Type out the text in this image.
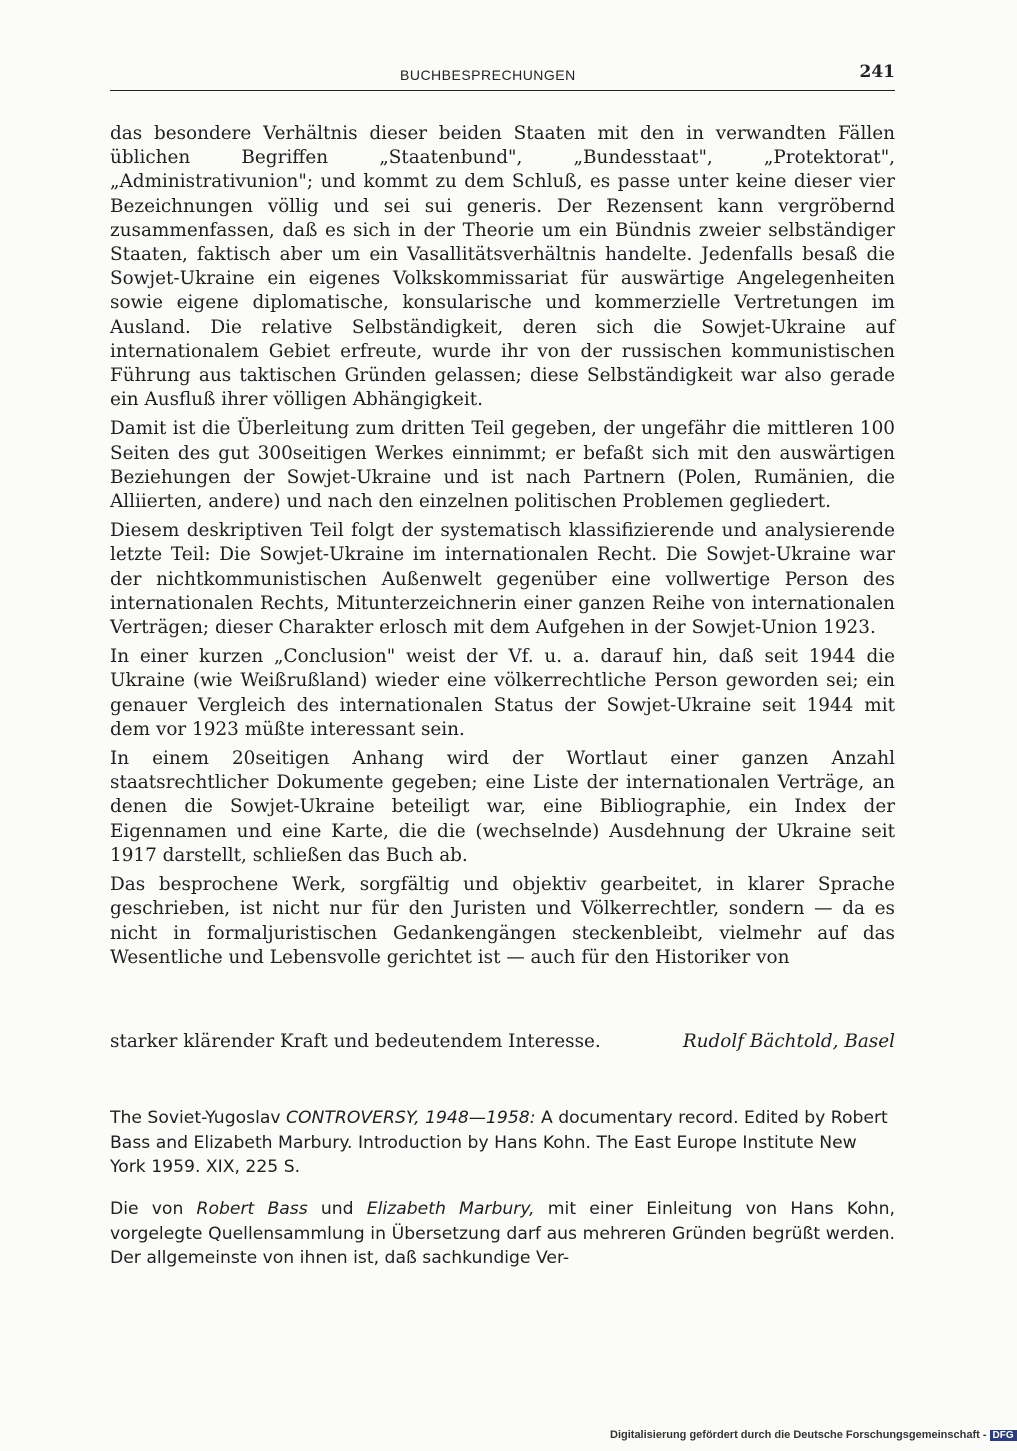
BUCHBESPRECHUNGEN	241

das besondere Verhältnis dieser beiden Staaten mit den in verwandten Fällen üblichen Begriffen „Staatenbund", „Bundesstaat", „Protektorat", „Administrativunion"; und kommt zu dem Schluß, es passe unter keine dieser vier Bezeichnungen völlig und sei sui generis. Der Rezensent kann vergröbernd zusammenfassen, daß es sich in der Theorie um ein Bündnis zweier selbständiger Staaten, faktisch aber um ein Vasallitätsverhältnis handelte. Jedenfalls besaß die Sowjet-Ukraine ein eigenes Volkskommissariat für auswärtige Angelegenheiten sowie eigene diplomatische, konsularische und kommerzielle Vertretungen im Ausland. Die relative Selbständigkeit, deren sich die Sowjet-Ukraine auf internationalem Gebiet erfreute, wurde ihr von der russischen kommunistischen Führung aus taktischen Gründen gelassen; diese Selbständigkeit war also gerade ein Ausfluß ihrer völligen Abhängigkeit.

Damit ist die Überleitung zum dritten Teil gegeben, der ungefähr die mittleren 100 Seiten des gut 300seitigen Werkes einnimmt; er befaßt sich mit den auswärtigen Beziehungen der Sowjet-Ukraine und ist nach Partnern (Polen, Rumänien, die Alliierten, andere) und nach den einzelnen politischen Problemen gegliedert.

Diesem deskriptiven Teil folgt der systematisch klassifizierende und analysierende letzte Teil: Die Sowjet-Ukraine im internationalen Recht. Die Sowjet-Ukraine war der nichtkommunistischen Außenwelt gegenüber eine vollwertige Person des internationalen Rechts, Mitunterzeichnerin einer ganzen Reihe von internationalen Verträgen; dieser Charakter erlosch mit dem Aufgehen in der Sowjet-Union 1923.

In einer kurzen „Conclusion" weist der Vf. u. a. darauf hin, daß seit 1944 die Ukraine (wie Weißrußland) wieder eine völkerrechtliche Person geworden sei; ein genauer Vergleich des internationalen Status der Sowjet-Ukraine seit 1944 mit dem vor 1923 müßte interessant sein.

In einem 20seitigen Anhang wird der Wortlaut einer ganzen Anzahl staatsrechtlicher Dokumente gegeben; eine Liste der internationalen Verträge, an denen die Sowjet-Ukraine beteiligt war, eine Bibliographie, ein Index der Eigennamen und eine Karte, die die (wechselnde) Ausdehnung der Ukraine seit 1917 darstellt, schließen das Buch ab.

Das besprochene Werk, sorgfältig und objektiv gearbeitet, in klarer Sprache geschrieben, ist nicht nur für den Juristen und Völkerrechtler, sondern — da es nicht in formaljuristischen Gedankengängen steckenbleibt, vielmehr auf das Wesentliche und Lebensvolle gerichtet ist — auch für den Historiker von

starker klärender Kraft und bedeutendem Interesse.	Rudolf Bächtold, Basel

The Soviet-Yugoslav CONTROVERSY, 1948—1958: A documentary record. Edited by Robert Bass and Elizabeth Marbury. Introduction by Hans Kohn. The East Europe Institute New York 1959. XIX, 225 S.

Die von Robert Bass und Elizabeth Marbury, mit einer Einleitung von Hans Kohn, vorgelegte Quellensammlung in Übersetzung darf aus mehreren Gründen begrüßt werden. Der allgemeinste von ihnen ist, daß sachkundige Ver-

Digitalisierung gefördert durch die Deutsche Forschungsgemeinschaft - DFG
